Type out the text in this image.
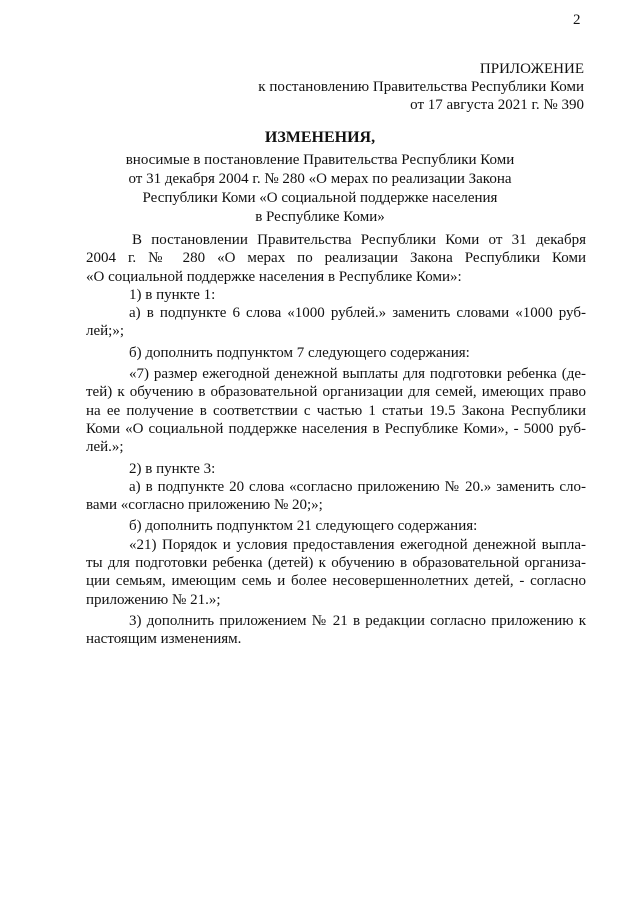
2
ПРИЛОЖЕНИЕ
к постановлению Правительства Республики Коми
от 17 августа 2021 г. № 390
ИЗМЕНЕНИЯ,
вносимые в постановление Правительства Республики Коми
от 31 декабря 2004 г. № 280 «О мерах по реализации Закона
Республики Коми «О социальной поддержке населения
в Республике Коми»
В постановлении Правительства Республики Коми от 31 декабря
2004 г. № 280 «О мерах по реализации Закона Республики Коми
«О социальной поддержке населения в Республике Коми»:
1) в пункте 1:
а) в подпункте 6 слова «1000 рублей.» заменить словами «1000 руб-
лей;»;
б) дополнить подпунктом 7 следующего содержания:
«7) размер ежегодной денежной выплаты для подготовки ребенка (де-
тей) к обучению в образовательной организации для семей, имеющих право
на ее получение в соответствии с частью 1 статьи 19.5 Закона Республики
Коми «О социальной поддержке населения в Республике Коми», - 5000 руб-
лей.»;
2) в пункте 3:
а) в подпункте 20 слова «согласно приложению № 20.» заменить сло-
вами «согласно приложению № 20;»;
б) дополнить подпунктом 21 следующего содержания:
«21) Порядок и условия предоставления ежегодной денежной выпла-
ты для подготовки ребенка (детей) к обучению в образовательной организа-
ции семьям, имеющим семь и более несовершеннолетних детей, - согласно
приложению № 21.»;
3) дополнить приложением № 21 в редакции согласно приложению к
настоящим изменениям.
